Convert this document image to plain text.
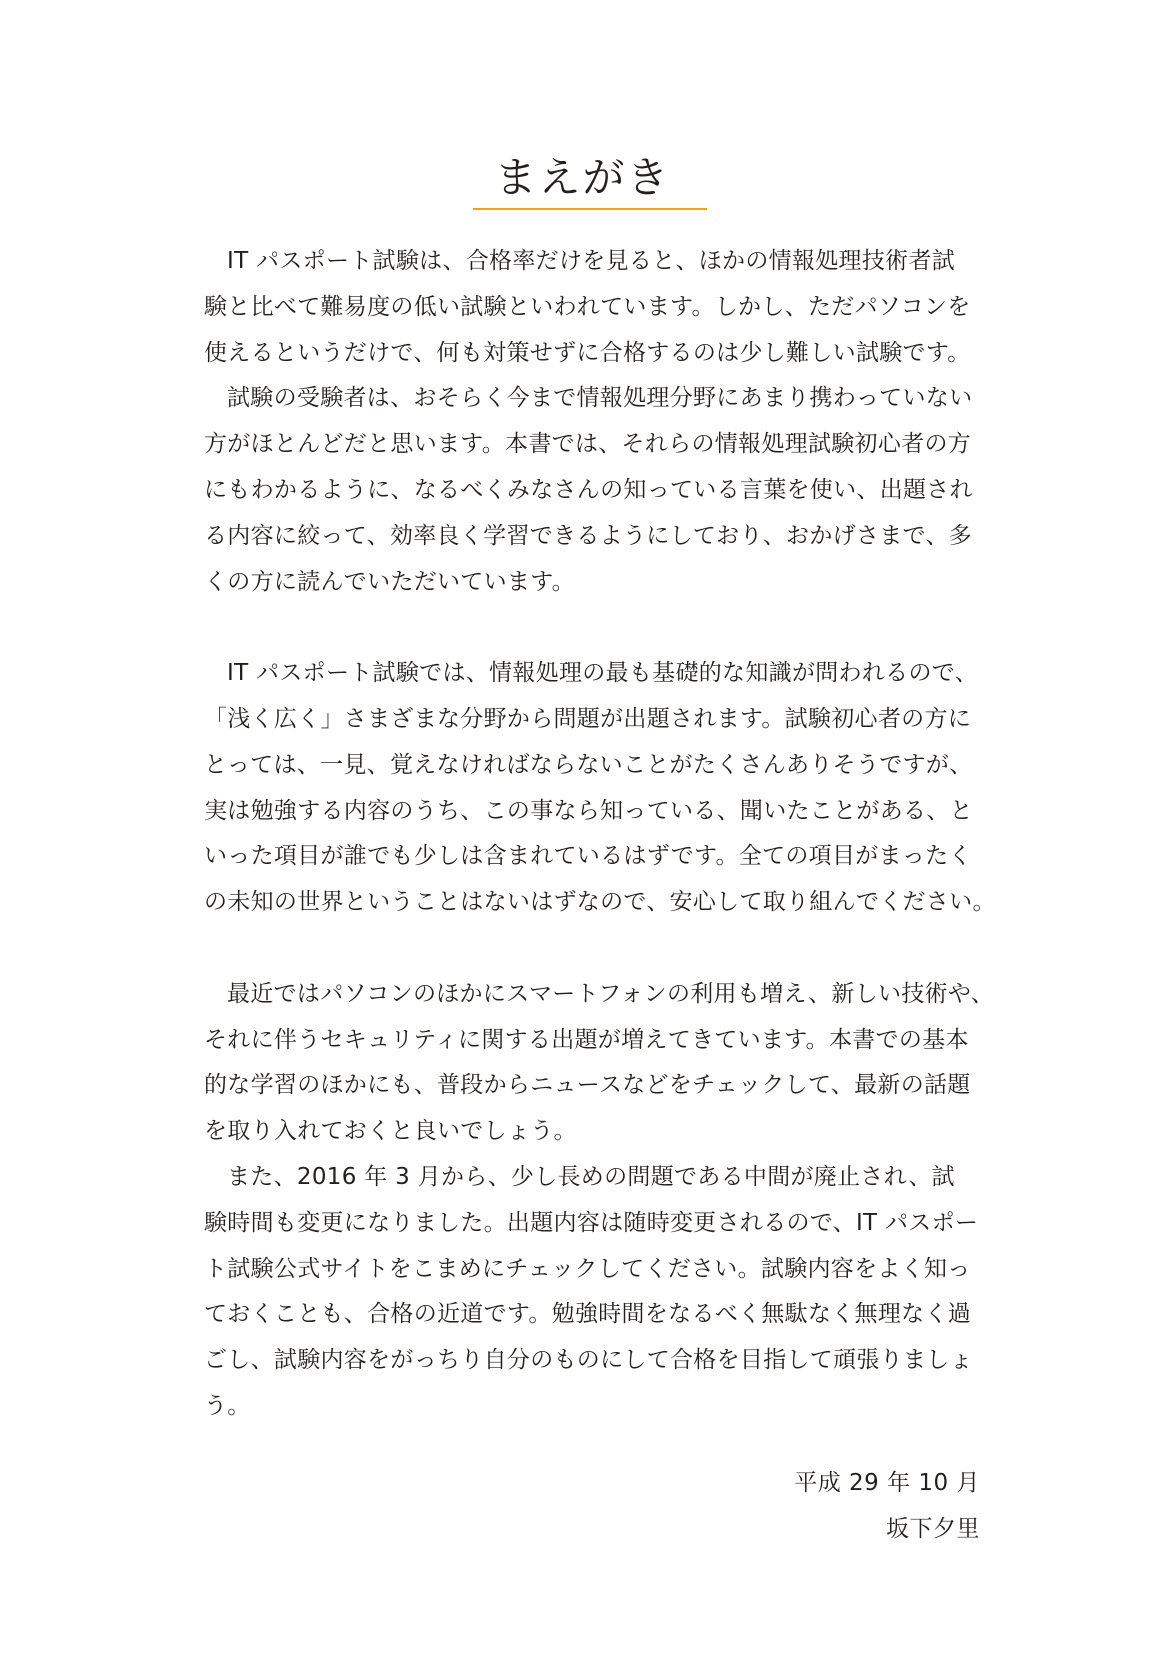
まえがき
IT パスポート試験は、合格率だけを見ると、ほかの情報処理技術者試
験と比べて難易度の低い試験といわれています。しかし、ただパソコンを
使えるというだけで、何も対策せずに合格するのは少し難しい試験です。
試験の受験者は、おそらく今まで情報処理分野にあまり携わっていない
方がほとんどだと思います。本書では、それらの情報処理試験初心者の方
にもわかるように、なるべくみなさんの知っている言葉を使い、出題され
る内容に絞って、効率良く学習できるようにしており、おかげさまで、多
くの方に読んでいただいています。
IT パスポート試験では、情報処理の最も基礎的な知識が問われるので、
「浅く広く」さまざまな分野から問題が出題されます。試験初心者の方に
とっては、一見、覚えなければならないことがたくさんありそうですが、
実は勉強する内容のうち、この事なら知っている、聞いたことがある、と
いった項目が誰でも少しは含まれているはずです。全ての項目がまったく
の未知の世界ということはないはずなので、安心して取り組んでください。
最近ではパソコンのほかにスマートフォンの利用も増え、新しい技術や、
それに伴うセキュリティに関する出題が増えてきています。本書での基本
的な学習のほかにも、普段からニュースなどをチェックして、最新の話題
を取り入れておくと良いでしょう。
また、2016 年 3 月から、少し長めの問題である中間が廃止され、試
験時間も変更になりました。出題内容は随時変更されるので、IT パスポー
ト試験公式サイトをこまめにチェックしてください。試験内容をよく知っ
ておくことも、合格の近道です。勉強時間をなるべく無駄なく無理なく過
ごし、試験内容をがっちり自分のものにして合格を目指して頑張りましょ
う。
平成 29 年 10 月
坂下夕里
